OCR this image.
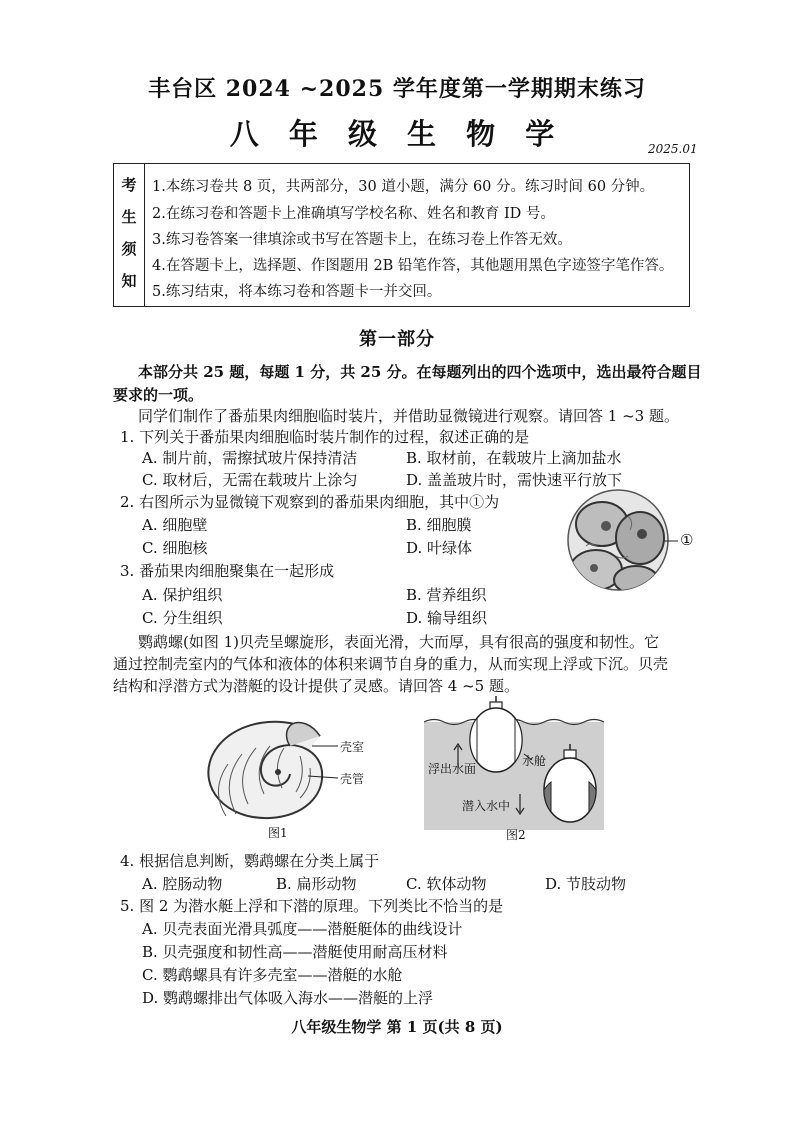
丰台区 2024 ~2025 学年度第一学期期末练习
八 年 级 生 物 学	2025.01
考
生
须
知
1.本练习卷共 8 页，共两部分，30 道小题，满分 60 分。练习时间 60 分钟。
2.在练习卷和答题卡上准确填写学校名称、姓名和教育 ID 号。
3.练习卷答案一律填涂或书写在答题卡上，在练习卷上作答无效。
4.在答题卡上，选择题、作图题用 2B 铅笔作答，其他题用黑色字迹签字笔作答。
5.练习结束，将本练习卷和答题卡一并交回。
第一部分
本部分共 25 题，每题 1 分，共 25 分。在每题列出的四个选项中，选出最符合题目
要求的一项。
同学们制作了番茄果肉细胞临时装片，并借助显微镜进行观察。请回答 1 ~3 题。
1. 下列关于番茄果肉细胞临时装片制作的过程，叙述正确的是
A. 制片前，需擦拭玻片保持清洁	B. 取材前，在载玻片上滴加盐水
C. 取材后，无需在载玻片上涂匀	D. 盖盖玻片时，需快速平行放下
2. 右图所示为显微镜下观察到的番茄果肉细胞，其中①为
A. 细胞壁	B. 细胞膜
C. 细胞核	D. 叶绿体	①
3. 番茄果肉细胞聚集在一起形成
A. 保护组织	B. 营养组织
C. 分生组织	D. 输导组织
鹦鹉螺(如图 1)贝壳呈螺旋形，表面光滑，大而厚，具有很高的强度和韧性。它
通过控制壳室内的气体和液体的体积来调节自身的重力，从而实现上浮或下沉。贝壳
结构和浮潜方式为潜艇的设计提供了灵感。请回答 4 ~5 题。
壳室
壳管
图1
浮出水面
水舱
潜入水中
图2
4. 根据信息判断，鹦鹉螺在分类上属于
A. 腔肠动物	B. 扁形动物	C. 软体动物	D. 节肢动物
5. 图 2 为潜水艇上浮和下潜的原理。下列类比不恰当的是
A. 贝壳表面光滑具弧度——潜艇艇体的曲线设计
B. 贝壳强度和韧性高——潜艇使用耐高压材料
C. 鹦鹉螺具有许多壳室——潜艇的水舱
D. 鹦鹉螺排出气体吸入海水——潜艇的上浮
八年级生物学 第 1 页(共 8 页)
